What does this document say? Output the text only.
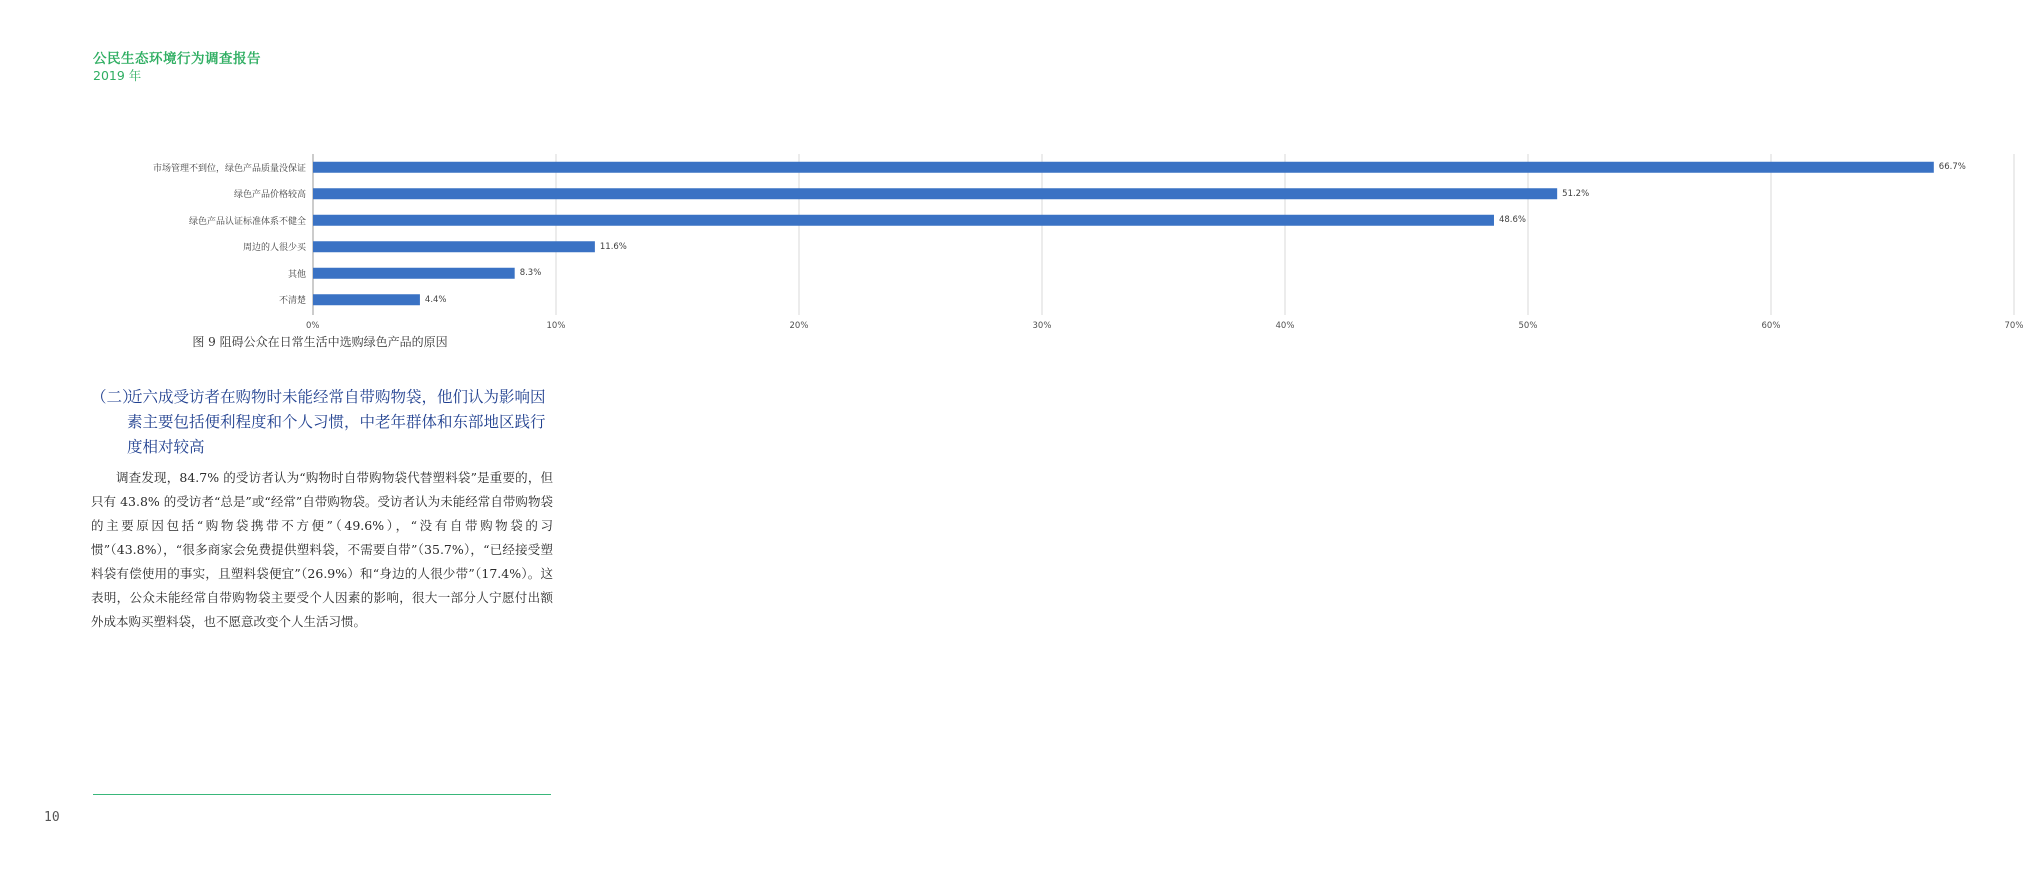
公民生态环境行为调查报告
2019 年
0%	10%	20%	30%	40%	50%	60%	70%
市场管理不到位，绿色产品质量没保证	66.7%
绿色产品价格较高	51.2%
绿色产品认证标准体系不健全	48.6%
周边的人很少买	11.6%
其他	8.3%
不清楚	4.4%
图 9 阻碍公众在日常生活中选购绿色产品的原因
（二）
近六成受访者在购物时未能经常自带购物袋，他们认为影响因素主要包括便利程度和个人习惯，中老年群体和东部地区践行度相对较高
调查发现，84.7% 的受访者认为“购物时自带购物袋代替塑料袋”是重要的，但只有 43.8% 的受访者“总是”或“经常”自带购物袋。受访者认为未能经常自带购物袋的主要原因包括“购物袋携带不方便”（49.6%），“没有自带购物袋的习惯”（43.8%），“很多商家会免费提供塑料袋，不需要自带”（35.7%），“已经接受塑料袋有偿使用的事实，且塑料袋便宜”（26.9%）和“身边的人很少带”（17.4%）。这表明，公众未能经常自带购物袋主要受个人因素的影响，很大一部分人宁愿付出额外成本购买塑料袋，也不愿意改变个人生活习惯。
10
